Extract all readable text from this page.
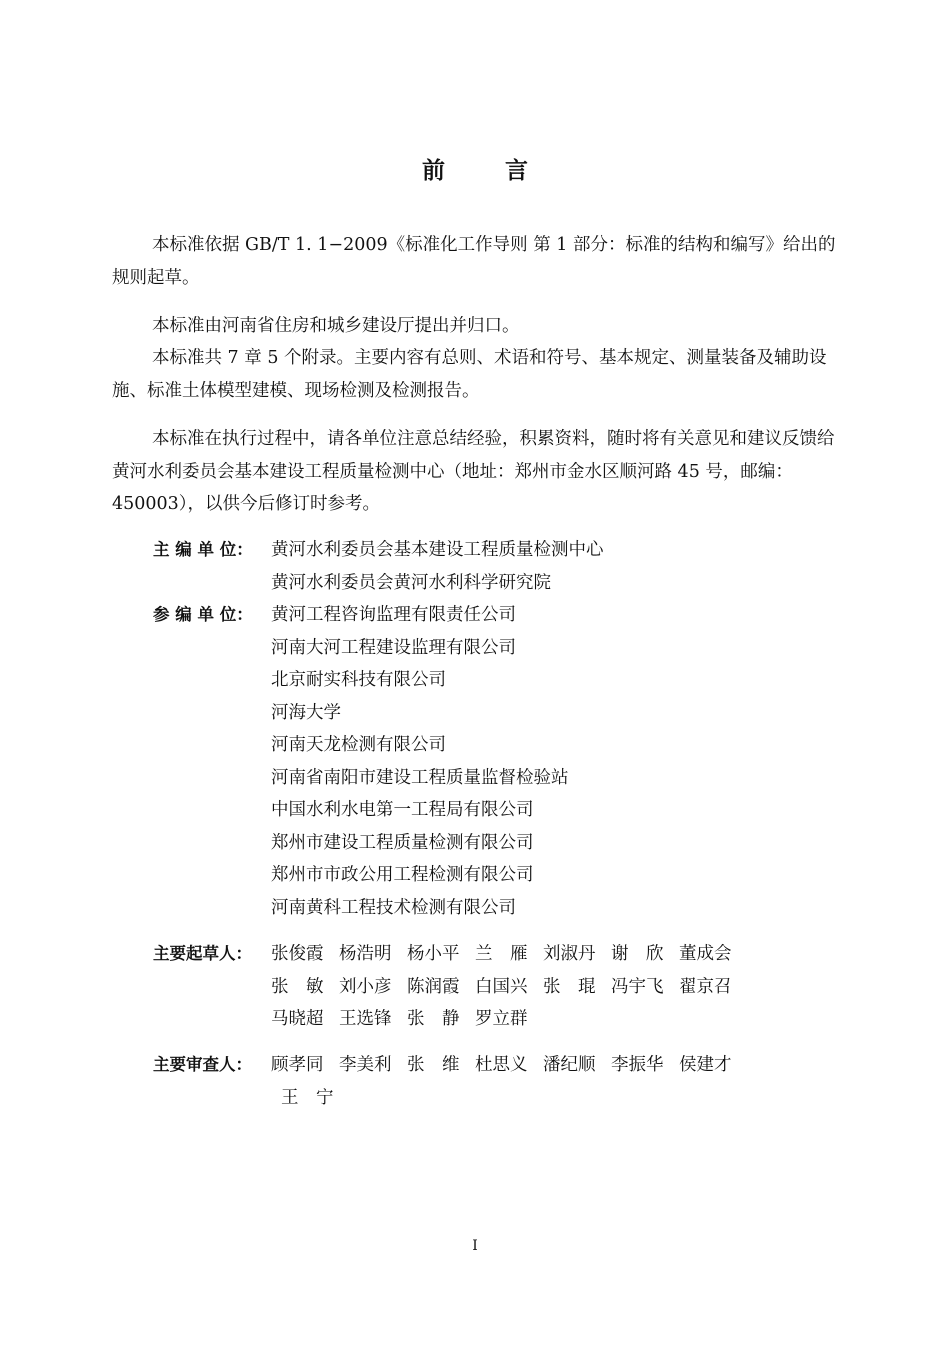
前 言
本标准依据 GB/T 1. 1−2009《标准化工作导则 第 1 部分：标准的结构和编写》给出的规则起草。
本标准由河南省住房和城乡建设厅提出并归口。
本标准共 7 章 5 个附录。主要内容有总则、术语和符号、基本规定、测量装备及辅助设施、标准土体模型建模、现场检测及检测报告。
本标准在执行过程中，请各单位注意总结经验，积累资料，随时将有关意见和建议反馈给黄河水利委员会基本建设工程质量检测中心（地址：郑州市金水区顺河路 45 号，邮编：450003），以供今后修订时参考。
主 编 单 位：	黄河水利委员会基本建设工程质量检测中心
黄河水利委员会黄河水利科学研究院
参 编 单 位：	黄河工程咨询监理有限责任公司
河南大河工程建设监理有限公司
北京耐实科技有限公司
河海大学
河南天龙检测有限公司
河南省南阳市建设工程质量监督检验站
中国水利水电第一工程局有限公司
郑州市建设工程质量检测有限公司
郑州市市政公用工程检测有限公司
河南黄科工程技术检测有限公司
主要起草人：	张俊霞 杨浩明 杨小平 兰　雁 刘淑丹 谢　欣 董成会
张　敏 刘小彦 陈润霞 白国兴 张　琨 冯宇飞 翟京召
马晓超 王选锋 张　静 罗立群
主要审查人：	顾孝同 李美利 张　维 杜思义 潘纪顺 李振华 侯建才
王　宁
I
